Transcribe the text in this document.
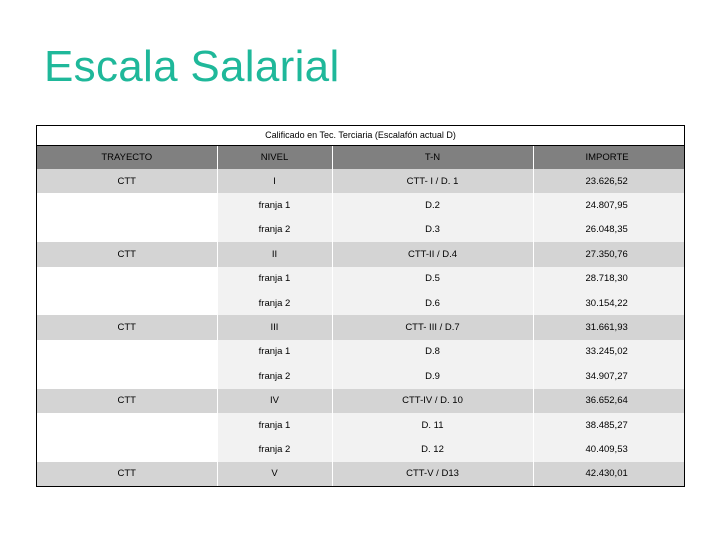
Escala Salarial
Calificado en Tec. Terciaria (Escalafón actual D)
TRAYECTO	NIVEL	T-N	IMPORTE
CTT	I	CTT- I / D. 1	23.626,52
	franja 1	D.2	24.807,95
	franja 2	D.3	26.048,35
CTT	II	CTT-II / D.4	27.350,76
	franja 1	D.5	28.718,30
	franja 2	D.6	30.154,22
CTT	III	CTT- III / D.7	31.661,93
	franja 1	D.8	33.245,02
	franja 2	D.9	34.907,27
CTT	IV	CTT-IV / D. 10	36.652,64
	franja 1	D. 11	38.485,27
	franja 2	D. 12	40.409,53
CTT	V	CTT-V / D13	42.430,01
